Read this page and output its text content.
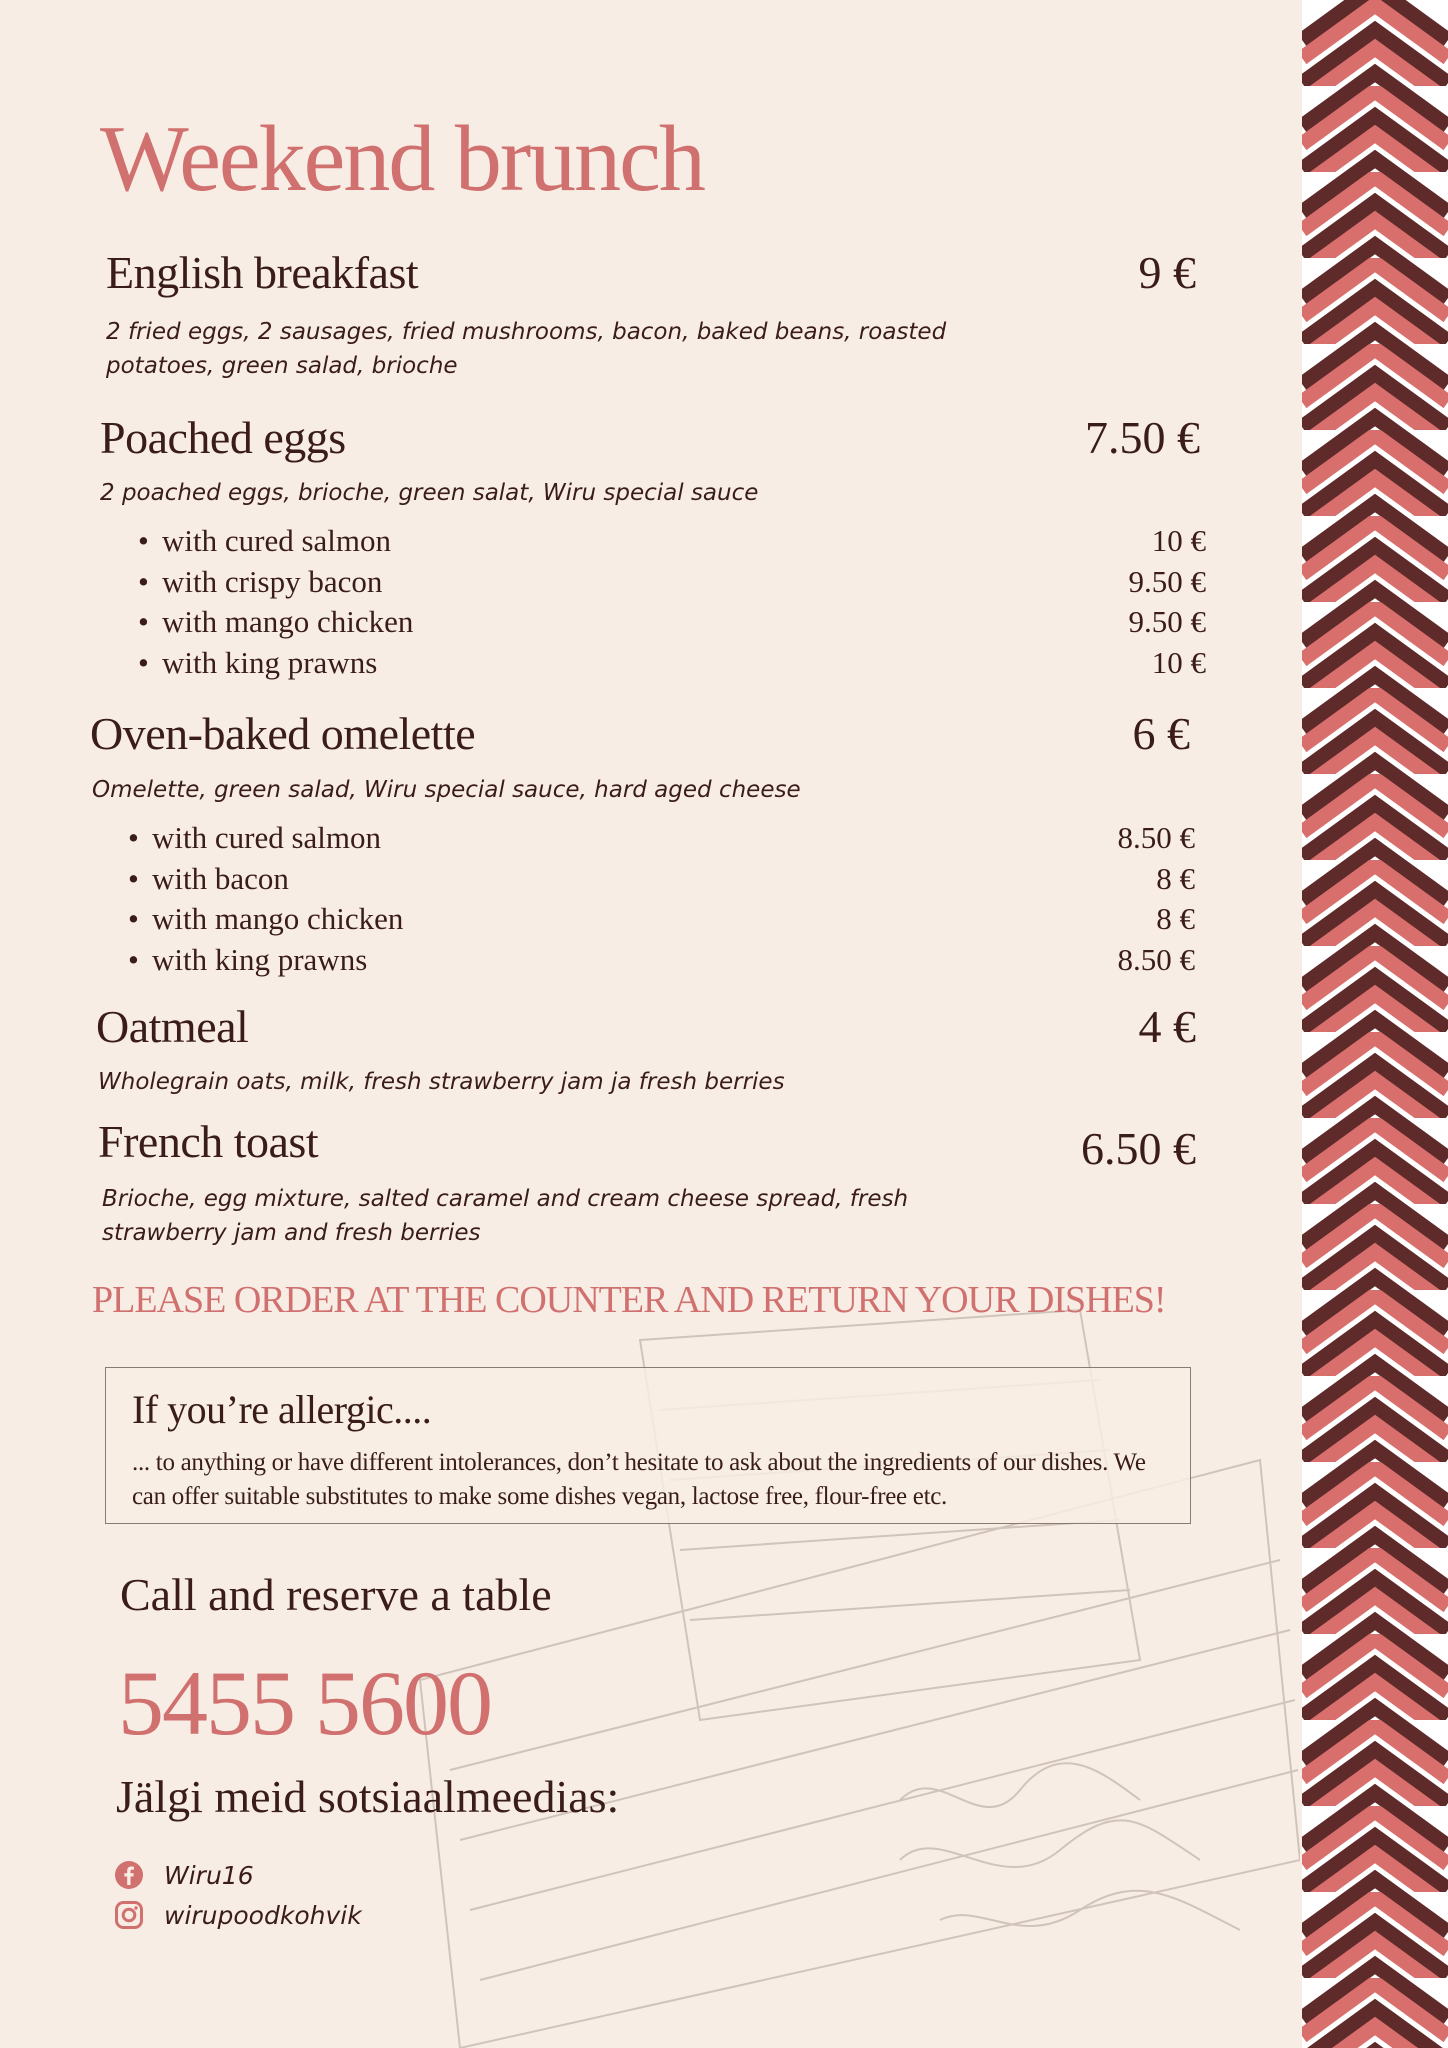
Weekend brunch
English breakfast	9 €
2 fried eggs, 2 sausages, fried mushrooms, bacon, baked beans, roasted potatoes, green salad, brioche
Poached eggs	7.50 €
2 poached eggs, brioche, green salat, Wiru special sauce
• with cured salmon	10 €
• with crispy bacon	9.50 €
• with mango chicken	9.50 €
• with king prawns	10 €
Oven-baked omelette	6 €
Omelette, green salad, Wiru special sauce, hard aged cheese
• with cured salmon	8.50 €
• with bacon	8 €
• with mango chicken	8 €
• with king prawns	8.50 €
Oatmeal	4 €
Wholegrain oats, milk, fresh strawberry jam ja fresh berries
French toast	6.50 €
Brioche, egg mixture, salted caramel and cream cheese spread, fresh strawberry jam and fresh berries
PLEASE ORDER AT THE COUNTER AND RETURN YOUR DISHES!
If you’re allergic....
... to anything or have different intolerances, don’t hesitate to ask about the ingredients of our dishes. We can offer suitable substitutes to make some dishes vegan, lactose free, flour-free etc.
Call and reserve a table
5455 5600
Jälgi meid sotsiaalmeedias:
Wiru16
wirupoodkohvik
